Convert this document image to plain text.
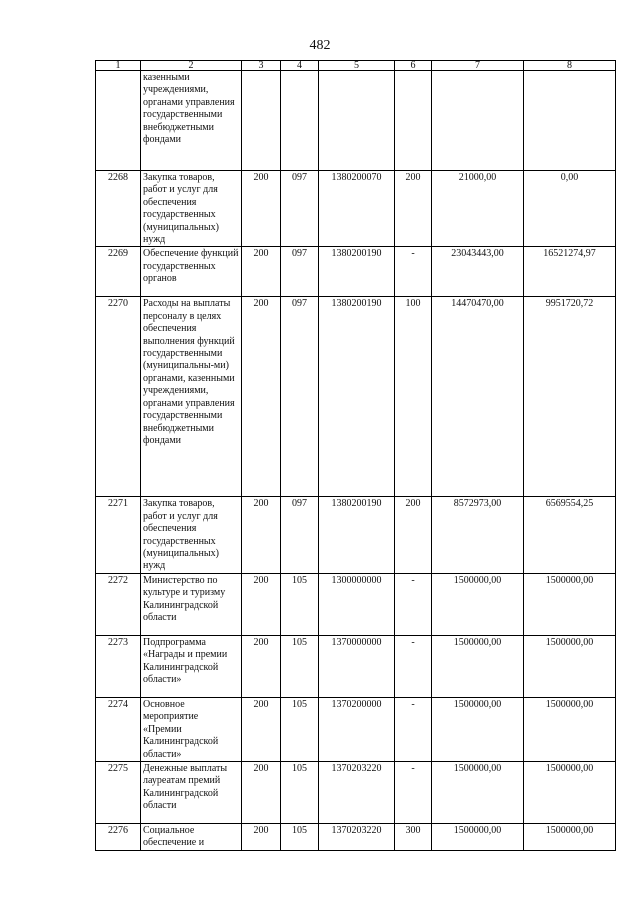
482
1	2	3	4	5	6	7	8
	казенными учреждениями, органами управления государственными внебюджетными фондами						
2268	Закупка товаров, работ и услуг для обеспечения государственных (муниципальных) нужд	200	097	1380200070	200	21000,00	0,00
2269	Обеспечение функций государственных органов	200	097	1380200190	-	23043443,00	16521274,97
2270	Расходы на выплаты персоналу в целях обеспечения выполнения функций государственными (муниципальны-ми) органами, казенными учреждениями, органами управления государственными внебюджетными фондами	200	097	1380200190	100	14470470,00	9951720,72
2271	Закупка товаров, работ и услуг для обеспечения государственных (муниципальных) нужд	200	097	1380200190	200	8572973,00	6569554,25
2272	Министерство по культуре и туризму Калининградской области	200	105	1300000000	-	1500000,00	1500000,00
2273	Подпрограмма «Награды и премии Калининградской области»	200	105	1370000000	-	1500000,00	1500000,00
2274	Основное мероприятие «Премии Калининградской области»	200	105	1370200000	-	1500000,00	1500000,00
2275	Денежные выплаты лауреатам премий Калининградской области	200	105	1370203220	-	1500000,00	1500000,00
2276	Социальное обеспечение и	200	105	1370203220	300	1500000,00	1500000,00
